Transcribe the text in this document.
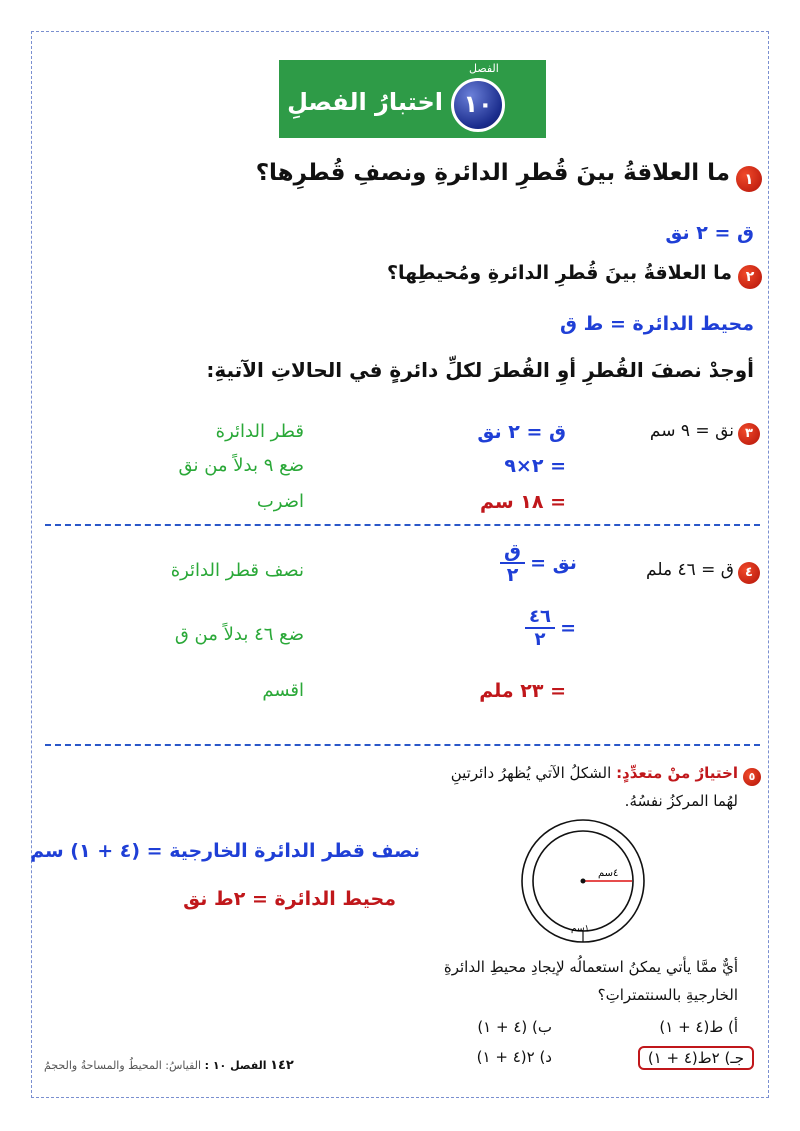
١٠
الفصل
اختبارُ الفصلِ
١
ما العلاقةُ بينَ قُطرِ الدائرةِ ونصفِ قُطرِها؟
ق = ٢ نق
٢
ما العلاقةُ بينَ قُطرِ الدائرةِ ومُحيطِها؟
محيط الدائرة = ط ق
أوجدْ نصفَ القُطرِ أوِ القُطرَ لكلِّ دائرةٍ في الحالاتِ الآتيةِ:
٣
نق = ٩ سم
ق = ٢ نق
= ٢×٩
= ١٨ سم
قطر الدائرة
ضع ٩ بدلاً من نق
اضرب
٤
ق = ٤٦ ملم
نق =
$\frac{\text{ق}}{٢}$
=
$\frac{٤٦}{٢}$
= ٢٣ ملم
نصف قطر الدائرة
ضع ٤٦ بدلاً من ق
اقسم
٥
اختيارٌ منْ متعدِّدٍ: الشكلُ الآتي يُظهرُ دائرتينِ
لهُما المركزُ نفسُهُ.
نصف قطر الدائرة الخارجية = (٤ + ١) سم
محيط الدائرة = ٢ط نق
٤سم
١سم
أيٌّ ممَّا يأتي يمكنُ استعمالُه لإيجادِ محيطِ الدائرةِ
الخارجيةِ بالسنتمتراتِ؟
أ) ط(٤ + ١)
ب) (٤ + ١)
جـ) ٢ط(٤ + ١)
د) ٢(٤ + ١)
١٤٢ الفصل ١٠ : القياسُ: المحيطُ والمساحةُ والحجمُ
